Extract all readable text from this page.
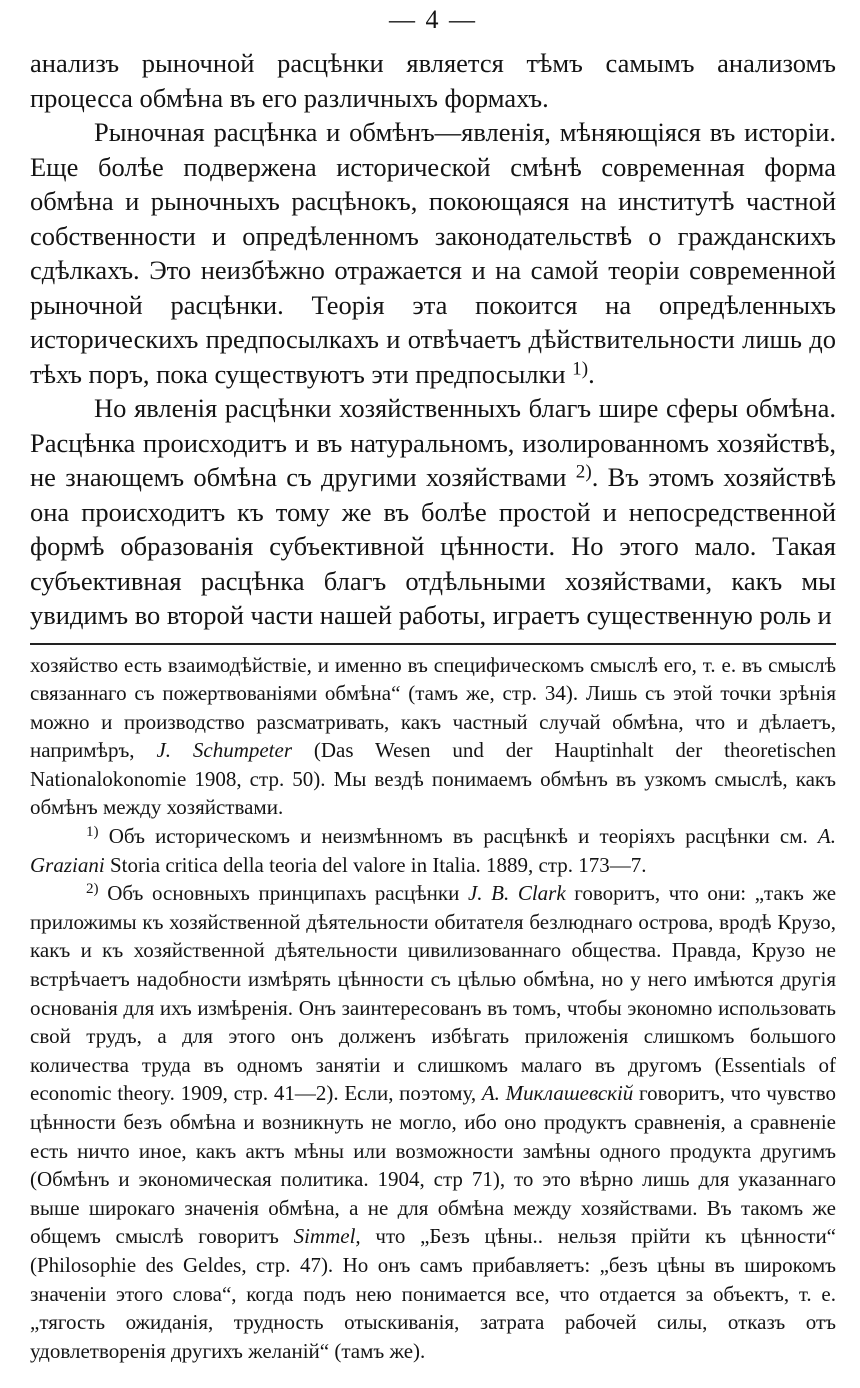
— 4 —

анализъ рыночной расцѣнки является тѣмъ самымъ анализомъ процесса обмѣна въ его различныхъ формахъ.

Рыночная расцѣнка и обмѣнъ—явленія, мѣняющіяся въ исторіи. Еще болѣе подвержена исторической смѣнѣ современная форма обмѣна и рыночныхъ расцѣнокъ, покоющаяся на институтѣ частной собственности и опредѣленномъ законодательствѣ о гражданскихъ сдѣлкахъ. Это неизбѣжно отражается и на самой теоріи современной рыночной расцѣнки. Теорія эта покоится на опредѣленныхъ историческихъ предпосылкахъ и отвѣчаетъ дѣйствительности лишь до тѣхъ поръ, пока существуютъ эти предпосылки $^{1)}$.

Но явленія расцѣнки хозяйственныхъ благъ шире сферы обмѣна. Расцѣнка происходитъ и въ натуральномъ, изолированномъ хозяйствѣ, не знающемъ обмѣна съ другими хозяйствами $^{2)}$. Въ этомъ хозяйствѣ она происходитъ къ тому же въ болѣе простой и непосредственной формѣ образованія субъективной цѣнности. Но этого мало. Такая субъективная расцѣнка благъ отдѣльными хозяйствами, какъ мы увидимъ во второй части нашей работы, играетъ существенную роль и

хозяйство есть взаимодѣйствіе, и именно въ специфическомъ смыслѣ его, т. е. въ смыслѣ связаннаго съ пожертвованіями обмѣна“ (тамъ же, стр. 34). Лишь съ этой точки зрѣнія можно и производство разсматривать, какъ частный случай обмѣна, что и дѣлаетъ, напримѣръ, J. Schumpeter (Das Wesen und der Hauptinhalt der theoretischen Nationalokonomie 1908, стр. 50). Мы вездѣ понимаемъ обмѣнъ въ узкомъ смыслѣ, какъ обмѣнъ между хозяйствами.

$^{1)}$ Объ историческомъ и неизмѣнномъ въ расцѣнкѣ и теоріяхъ расцѣнки см. A. Graziani Storia critica della teoria del valore in Italia. 1889, стр. 173—7.

$^{2)}$ Объ основныхъ принципахъ расцѣнки J. B. Clark говоритъ, что они: „такъ же приложимы къ хозяйственной дѣятельности обитателя безлюднаго острова, вродѣ Крузо, какъ и къ хозяйственной дѣятельности цивилизованнаго общества. Правда, Крузо не встрѣчаетъ надобности измѣрять цѣнности съ цѣлью обмѣна, но у него имѣются другія основанія для ихъ измѣренія. Онъ заинтересованъ въ томъ, чтобы экономно использовать свой трудъ, а для этого онъ долженъ избѣгать приложенія слишкомъ большого количества труда въ одномъ занятіи и слишкомъ малаго въ другомъ (Essentials of economic theory. 1909, стр. 41—2). Если, поэтому, А. Миклашевскій говоритъ, что чувство цѣнности безъ обмѣна и возникнуть не могло, ибо оно продуктъ сравненія, а сравненіе есть ничто иное, какъ актъ мѣны или возможности замѣны одного продукта другимъ (Обмѣнъ и экономическая политика. 1904, стр 71), то это вѣрно лишь для указаннаго выше широкаго значенія обмѣна, а не для обмѣна между хозяйствами. Въ такомъ же общемъ смыслѣ говоритъ Simmel, что „Безъ цѣны.. нельзя прійти къ цѣнности“ (Philosophie des Geldes, стр. 47). Но онъ самъ прибавляетъ: „безъ цѣны въ широкомъ значеніи этого слова“, когда подъ нею понимается все, что отдается за объектъ, т. е. „тягость ожиданія, трудность отыскиванія, затрата рабочей силы, отказъ отъ удовлетворенія другихъ желаній“ (тамъ же).
